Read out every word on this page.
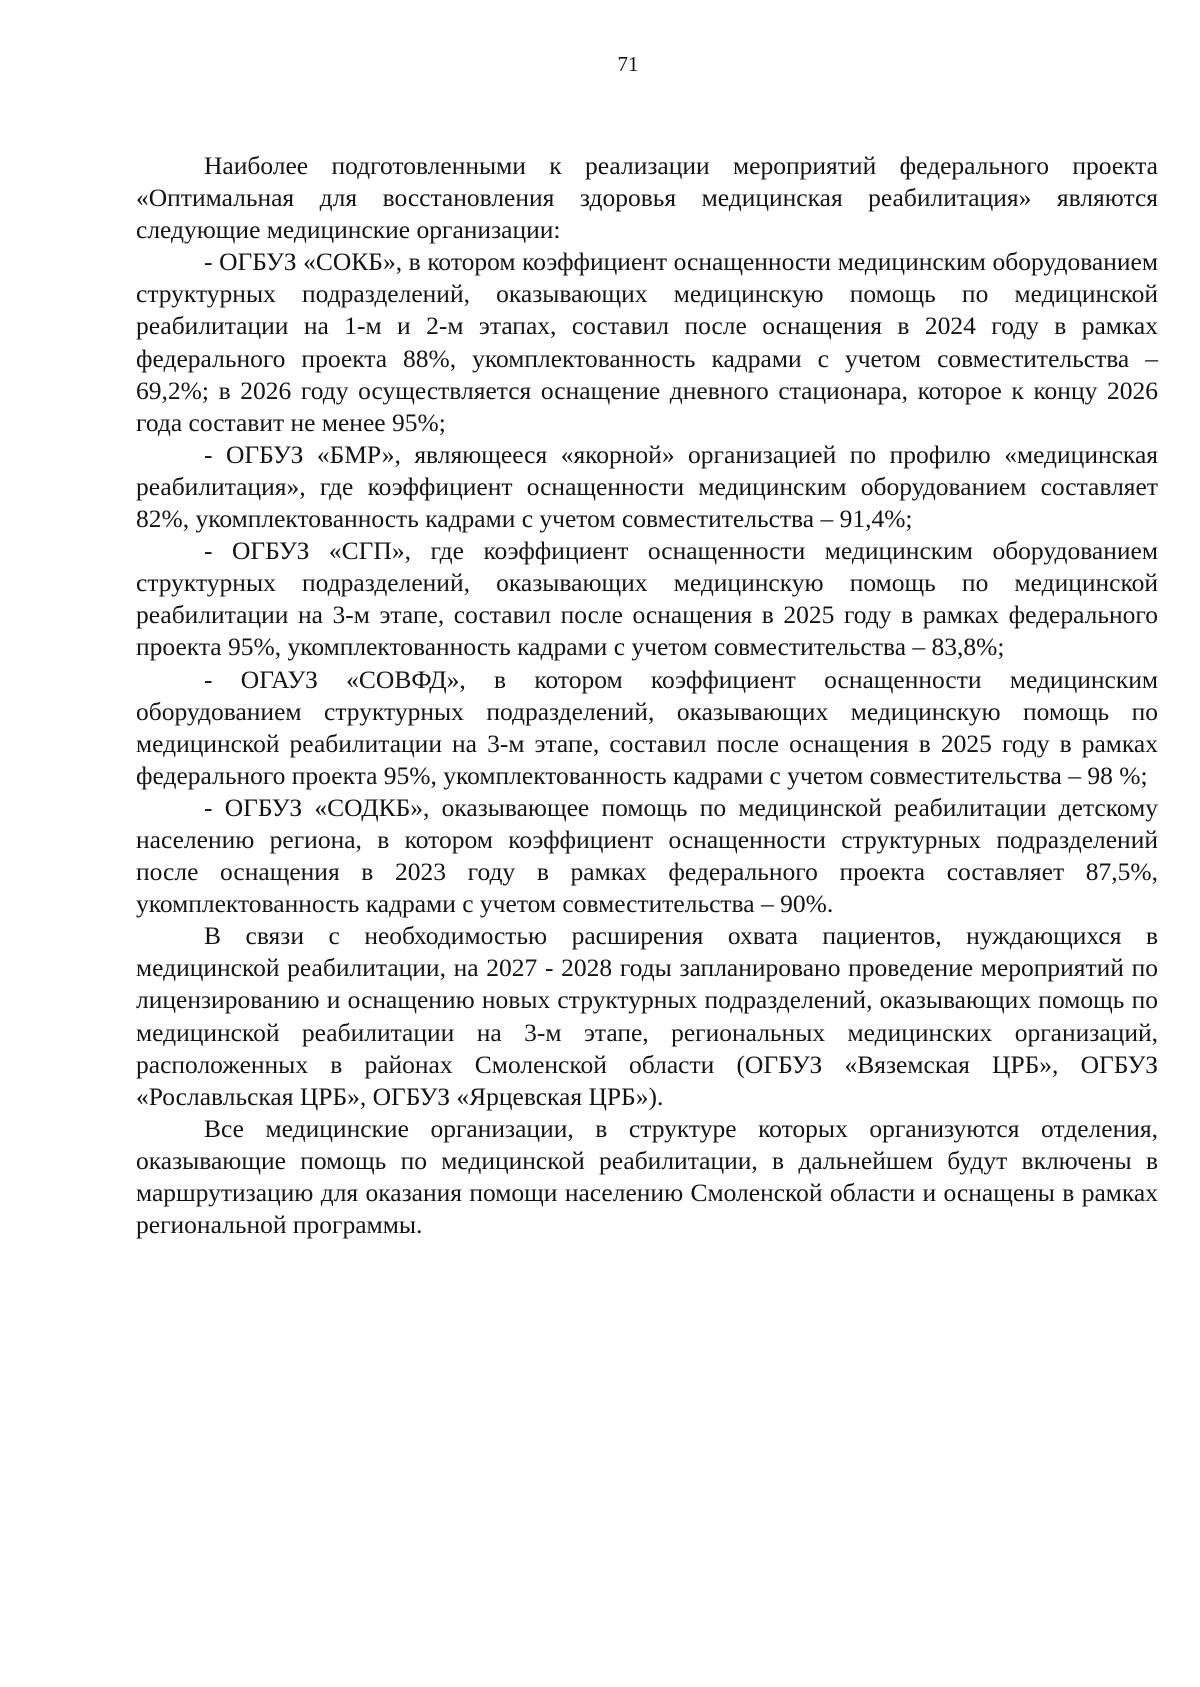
71

Наиболее подготовленными к реализации мероприятий федерального проекта «Оптимальная для восстановления здоровья медицинская реабилитация» являются следующие медицинские организации:

- ОГБУЗ «СОКБ», в котором коэффициент оснащенности медицинским оборудованием структурных подразделений, оказывающих медицинскую помощь по медицинской реабилитации на 1-м и 2-м этапах, составил после оснащения в 2024 году в рамках федерального проекта 88%, укомплектованность кадрами с учетом совместительства – 69,2%; в 2026 году осуществляется оснащение дневного стационара, которое к концу 2026 года составит не менее 95%;

- ОГБУЗ «БМР», являющееся «якорной» организацией по профилю «медицинская реабилитация», где коэффициент оснащенности медицинским оборудованием составляет 82%, укомплектованность кадрами с учетом совместительства – 91,4%;

- ОГБУЗ «СГП», где коэффициент оснащенности медицинским оборудованием структурных подразделений, оказывающих медицинскую помощь по медицинской реабилитации на 3-м этапе, составил после оснащения в 2025 году в рамках федерального проекта 95%, укомплектованность кадрами с учетом совместительства – 83,8%;

- ОГАУЗ «СОВФД», в котором коэффициент оснащенности медицинским оборудованием структурных подразделений, оказывающих медицинскую помощь по медицинской реабилитации на 3-м этапе, составил после оснащения в 2025 году в рамках федерального проекта 95%, укомплектованность кадрами с учетом совместительства – 98 %;

- ОГБУЗ «СОДКБ», оказывающее помощь по медицинской реабилитации детскому населению региона, в котором коэффициент оснащенности структурных подразделений после оснащения в 2023 году в рамках федерального проекта составляет 87,5%, укомплектованность кадрами с учетом совместительства – 90%.

В связи с необходимостью расширения охвата пациентов, нуждающихся в медицинской реабилитации, на 2027 - 2028 годы запланировано проведение мероприятий по лицензированию и оснащению новых структурных подразделений, оказывающих помощь по медицинской реабилитации на 3-м этапе, региональных медицинских организаций, расположенных в районах Смоленской области (ОГБУЗ «Вяземская ЦРБ», ОГБУЗ «Рославльская ЦРБ», ОГБУЗ «Ярцевская ЦРБ»).

Все медицинские организации, в структуре которых организуются отделения, оказывающие помощь по медицинской реабилитации, в дальнейшем будут включены в маршрутизацию для оказания помощи населению Смоленской области и оснащены в рамках региональной программы.
